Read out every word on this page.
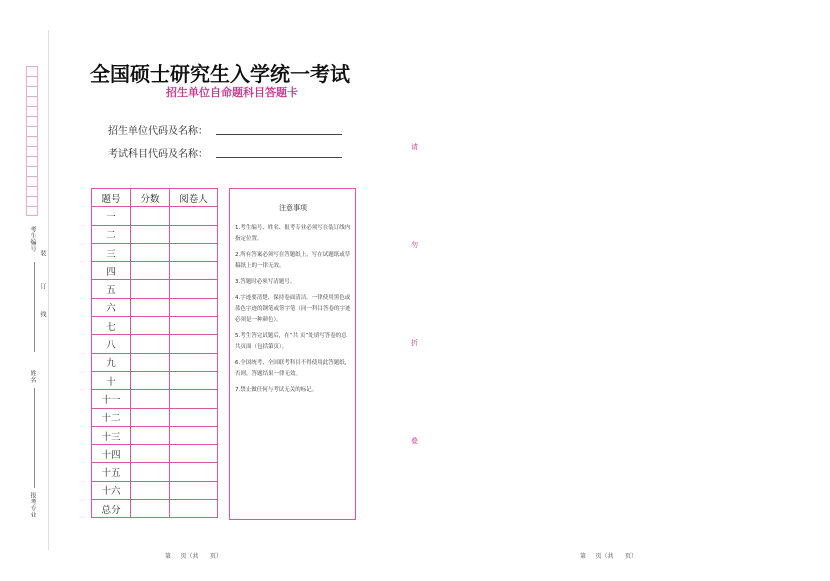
考生编号
装
订
线
姓名
报考专业
全国硕士研究生入学统一考试
招生单位自命题科目答题卡
招生单位代码及名称：
考试科目代码及名称：
题号	分数	阅卷人
一		
二		
三		
四		
五		
六		
七		
八		
九		
十		
十一		
十二		
十三		
十四		
十五		
十六		
总分		
注意事项
1.考生编号、姓名、报考专业必须写在装订线内指定位置。
2.所有答案必须写在答题纸上，写在试题纸或草稿纸上的一律无效。
3.答题时必须写清题号。
4.字迹要清楚、保持卷面清洁。一律使用黑色或蓝色字迹的钢笔或签字笔（同一科目答卷的字迹必须是一种颜色）。
5.考生答完试题后，在“共 页”处填写答卷的总共页面（包括第页）。
6.全国统考、全国联考科目不得使用此答题纸，否则，答题结果一律无效。
7.禁止做任何与考试无关的标记。
请
勿
折
叠
第     页（共      页）	第     页（共      页）
